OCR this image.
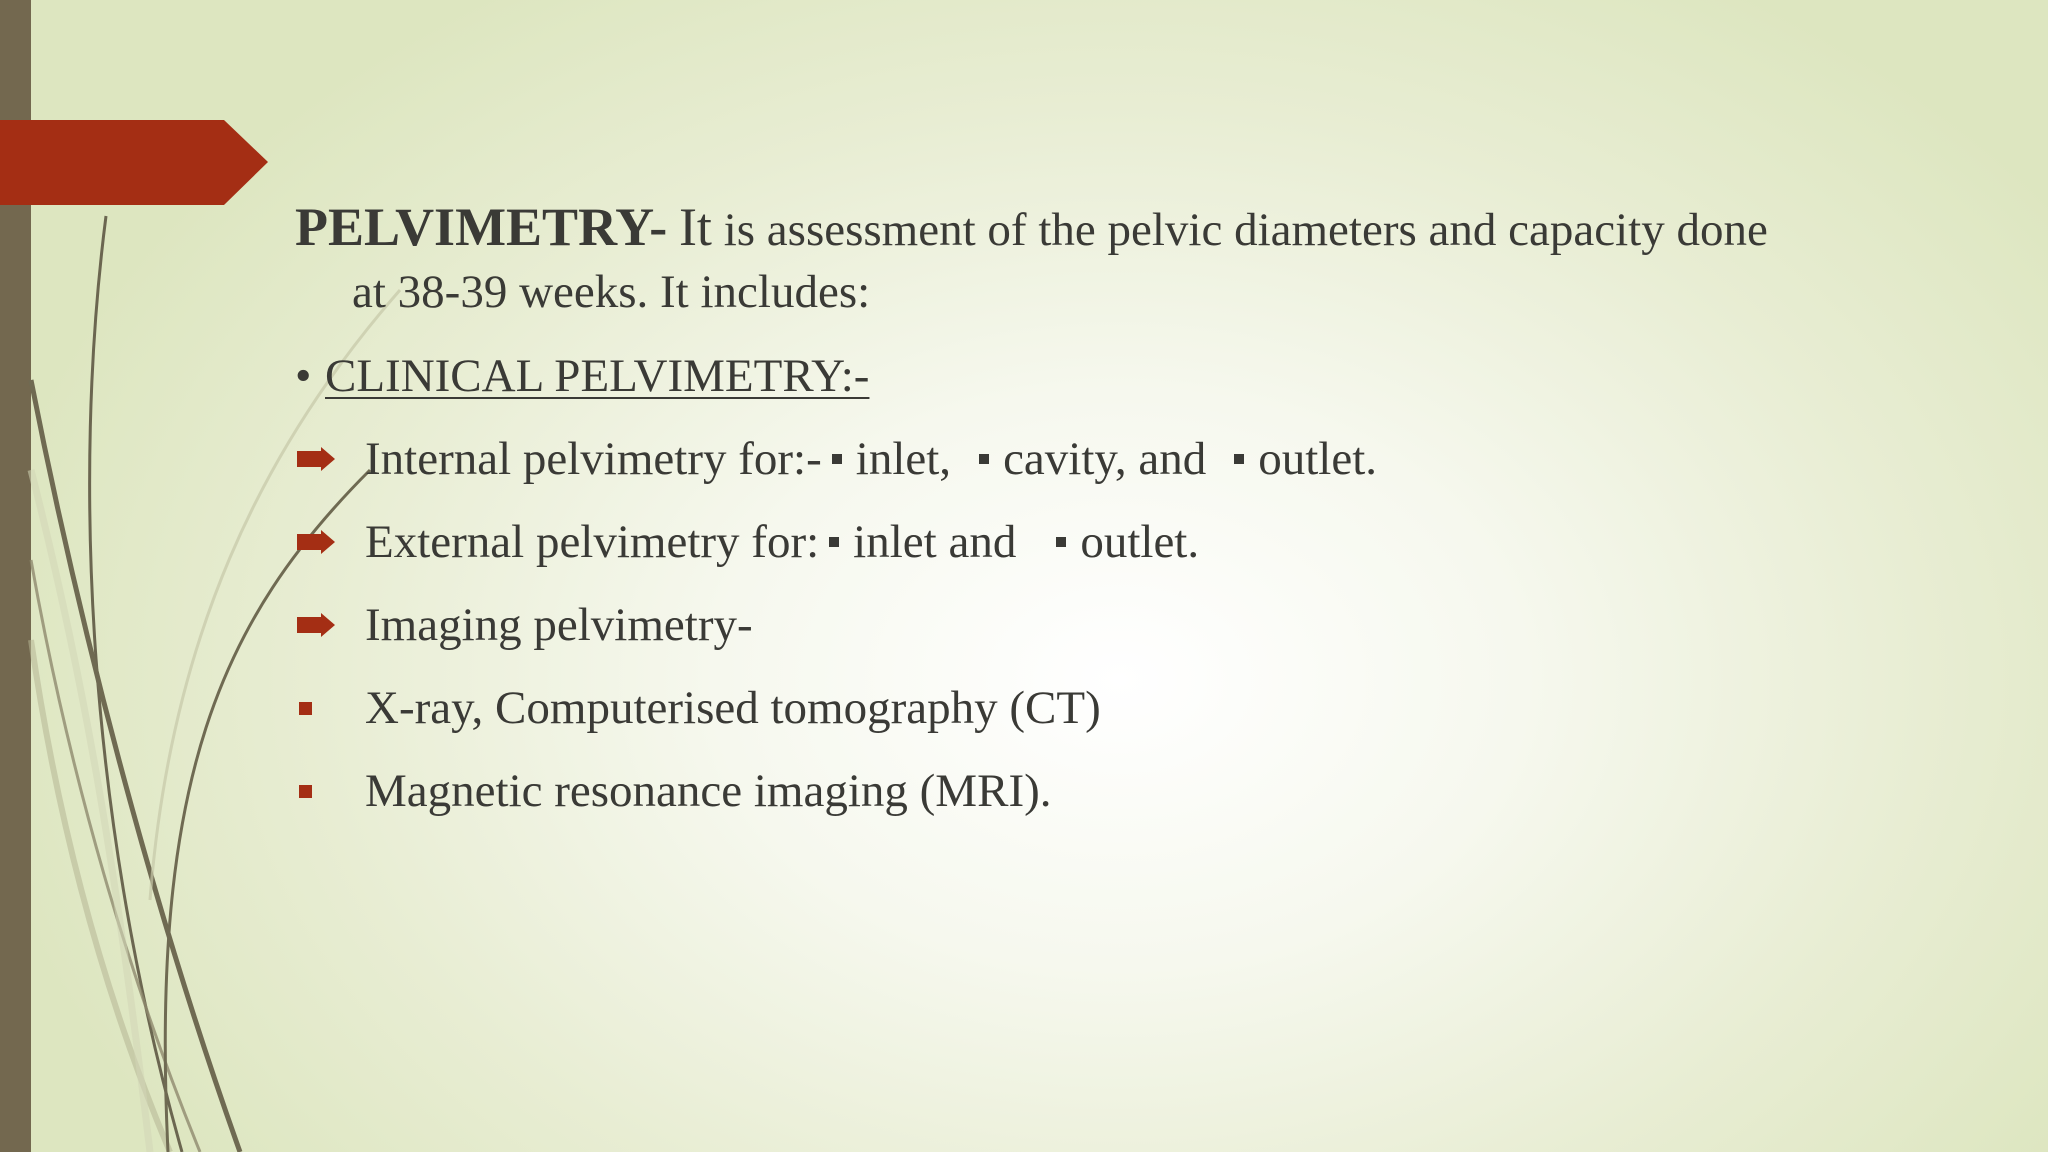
PELVIMETRY- It is assessment of the pelvic diameters and capacity done
at 38-39 weeks. It includes:

• CLINICAL PELVIMETRY:-
Internal pelvimetry for:- inlet, cavity, and outlet.
External pelvimetry for: inlet and outlet.
Imaging pelvimetry-
X-ray, Computerised tomography (CT)
Magnetic resonance imaging (MRI).
